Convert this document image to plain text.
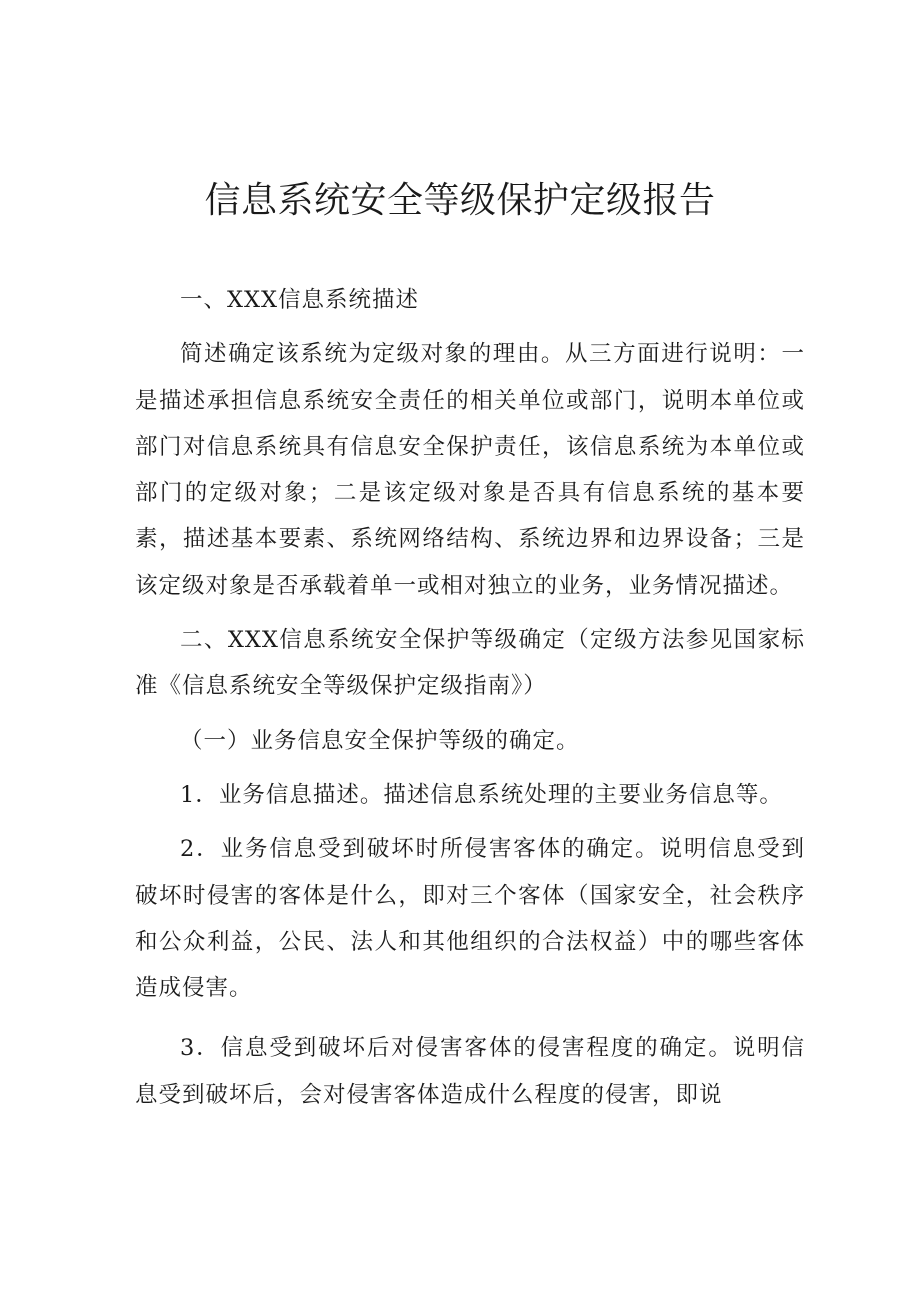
信息系统安全等级保护定级报告

一、XXX信息系统描述

简述确定该系统为定级对象的理由。从三方面进行说明：一是描述承担信息系统安全责任的相关单位或部门，说明本单位或部门对信息系统具有信息安全保护责任，该信息系统为本单位或部门的定级对象；二是该定级对象是否具有信息系统的基本要素，描述基本要素、系统网络结构、系统边界和边界设备；三是该定级对象是否承载着单一或相对独立的业务，业务情况描述。

二、XXX信息系统安全保护等级确定（定级方法参见国家标准《信息系统安全等级保护定级指南》）

（一）业务信息安全保护等级的确定。

1．业务信息描述。描述信息系统处理的主要业务信息等。

2．业务信息受到破坏时所侵害客体的确定。说明信息受到破坏时侵害的客体是什么，即对三个客体（国家安全，社会秩序和公众利益，公民、法人和其他组织的合法权益）中的哪些客体造成侵害。

3．信息受到破坏后对侵害客体的侵害程度的确定。说明信息受到破坏后，会对侵害客体造成什么程度的侵害，即说
